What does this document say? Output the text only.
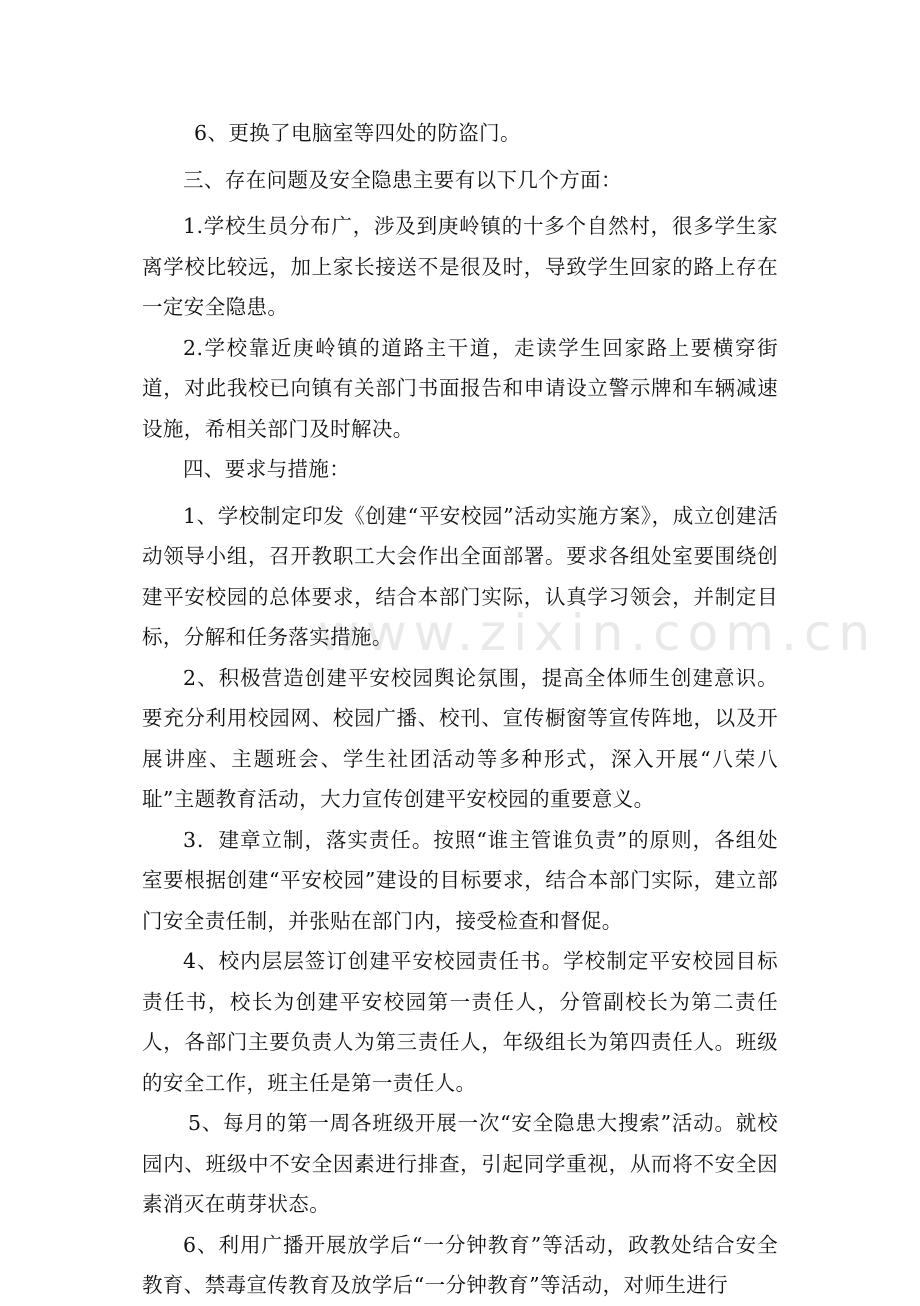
www.zixin.com.cn

6、更换了电脑室等四处的防盗门。

三、存在问题及安全隐患主要有以下几个方面：

1.学校生员分布广，涉及到庚岭镇的十多个自然村，很多学生家离学校比较远，加上家长接送不是很及时，导致学生回家的路上存在一定安全隐患。

2.学校靠近庚岭镇的道路主干道，走读学生回家路上要横穿街道，对此我校已向镇有关部门书面报告和申请设立警示牌和车辆减速设施，希相关部门及时解决。

四、要求与措施：

1、学校制定印发《创建“平安校园”活动实施方案》，成立创建活动领导小组，召开教职工大会作出全面部署。要求各组处室要围绕创建平安校园的总体要求，结合本部门实际，认真学习领会，并制定目标，分解和任务落实措施。

2、积极营造创建平安校园舆论氛围，提高全体师生创建意识。要充分利用校园网、校园广播、校刊、宣传橱窗等宣传阵地，以及开展讲座、主题班会、学生社团活动等多种形式，深入开展“八荣八耻”主题教育活动，大力宣传创建平安校园的重要意义。

3．建章立制，落实责任。按照“谁主管谁负责”的原则，各组处室要根据创建“平安校园”建设的目标要求，结合本部门实际，建立部门安全责任制，并张贴在部门内，接受检查和督促。

4、校内层层签订创建平安校园责任书。学校制定平安校园目标责任书，校长为创建平安校园第一责任人，分管副校长为第二责任人，各部门主要负责人为第三责任人，年级组长为第四责任人。班级的安全工作，班主任是第一责任人。

5、每月的第一周各班级开展一次“安全隐患大搜索”活动。就校园内、班级中不安全因素进行排查，引起同学重视，从而将不安全因素消灭在萌芽状态。

6、利用广播开展放学后“一分钟教育”等活动，政教处结合安全教育、禁毒宣传教育及放学后“一分钟教育”等活动，对师生进行
